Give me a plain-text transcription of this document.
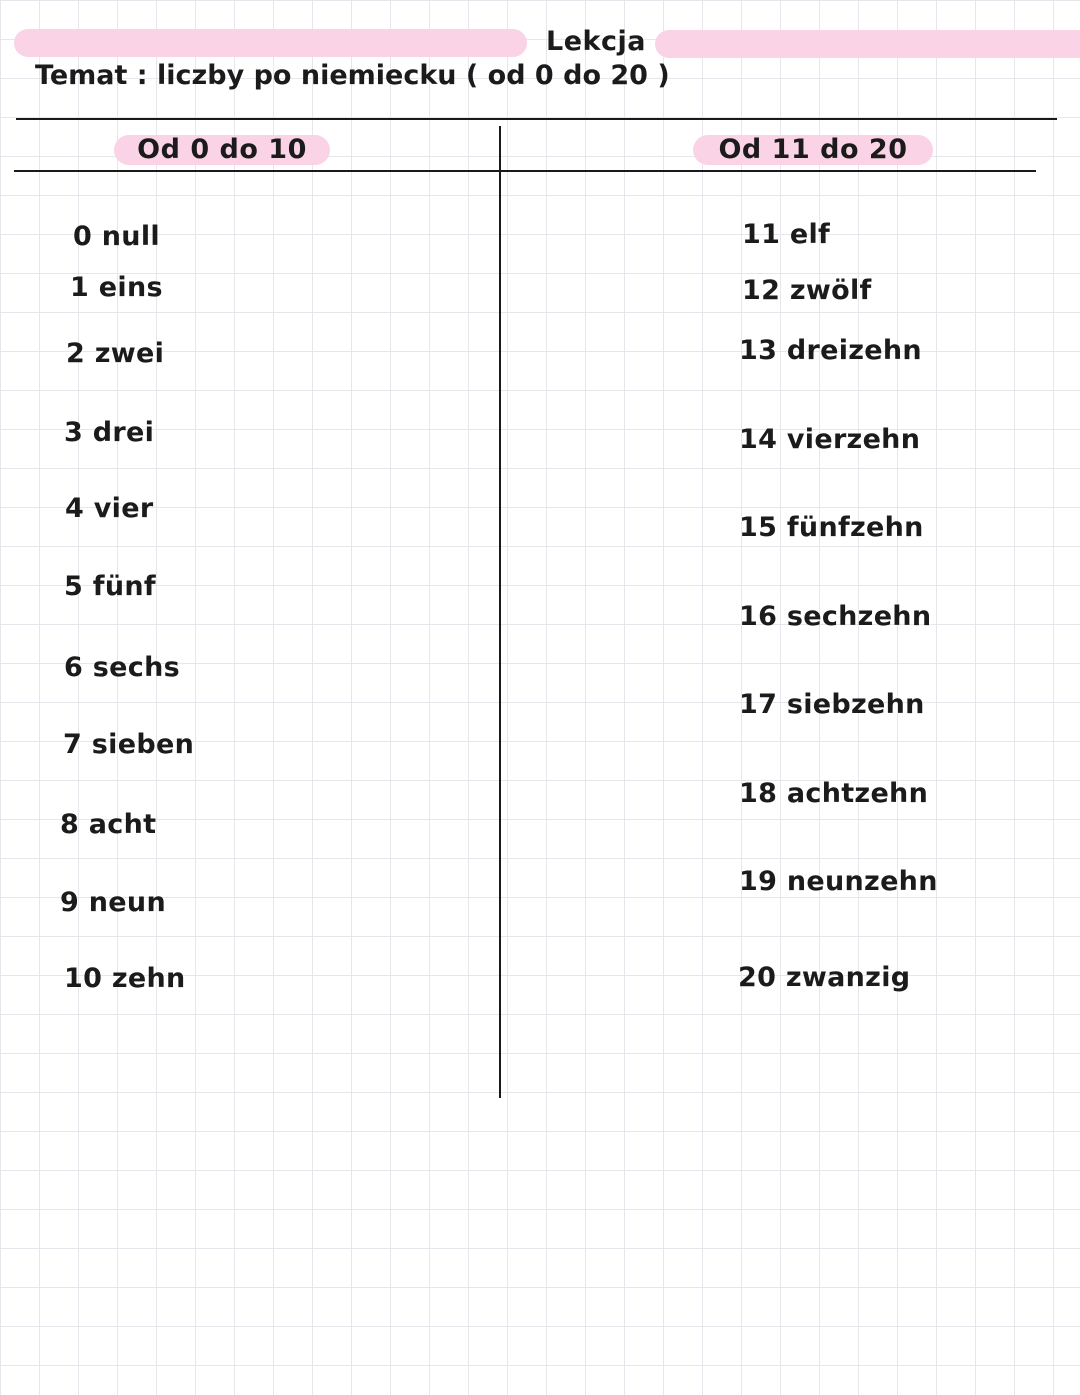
Lekcja
Temat : liczby po niemiecku ( od 0 do 20 )
Od 0 do 10	Od 11 do 20
0 null
1 eins
2 zwei
3 drei
4 vier
5 fünf
6 sechs
7 sieben
8 acht
9 neun
10 zehn
11 elf
12 zwölf
13 dreizehn
14 vierzehn
15 fünfzehn
16 sechzehn
17 siebzehn
18 achtzehn
19 neunzehn
20 zwanzig
